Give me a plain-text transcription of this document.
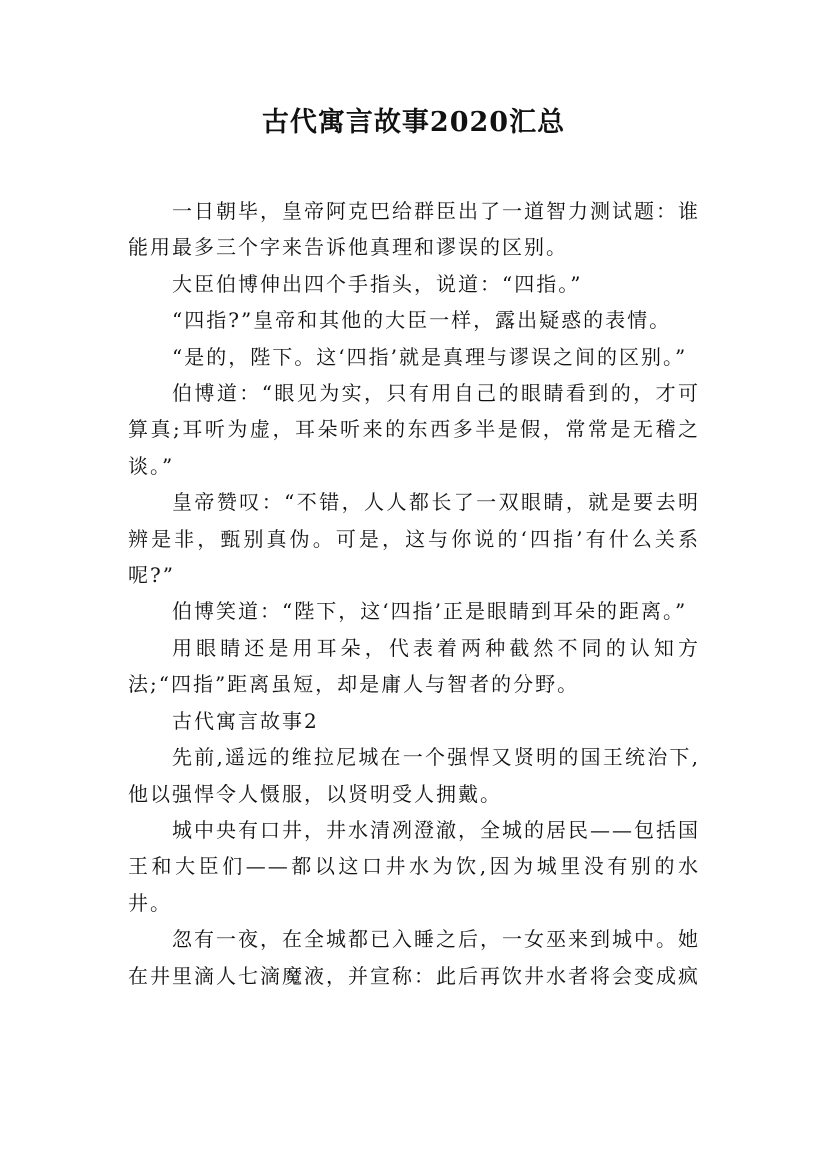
古代寓言故事2020汇总

一日朝毕，皇帝阿克巴给群臣出了一道智力测试题：谁能用最多三个字来告诉他真理和谬误的区别。

大臣伯博伸出四个手指头，说道：“四指。”

“四指?”皇帝和其他的大臣一样，露出疑惑的表情。

“是的，陛下。这‘四指’就是真理与谬误之间的区别。”

伯博道：“眼见为实，只有用自己的眼睛看到的，才可算真;耳听为虚，耳朵听来的东西多半是假，常常是无稽之谈。”

皇帝赞叹：“不错，人人都长了一双眼睛，就是要去明辨是非，甄别真伪。可是，这与你说的‘四指’有什么关系呢?”

伯博笑道：“陛下，这‘四指’正是眼睛到耳朵的距离。”

用眼睛还是用耳朵，代表着两种截然不同的认知方法;“四指”距离虽短，却是庸人与智者的分野。

古代寓言故事2

先前,遥远的维拉尼城在一个强悍又贤明的国王统治下,他以强悍令人慑服，以贤明受人拥戴。

城中央有口井，井水清冽澄澈，全城的居民——包括国王和大臣们——都以这口井水为饮,因为城里没有别的水井。

忽有一夜，在全城都已入睡之后，一女巫来到城中。她在井里滴人七滴魔液，并宣称：此后再饮井水者将会变成疯
